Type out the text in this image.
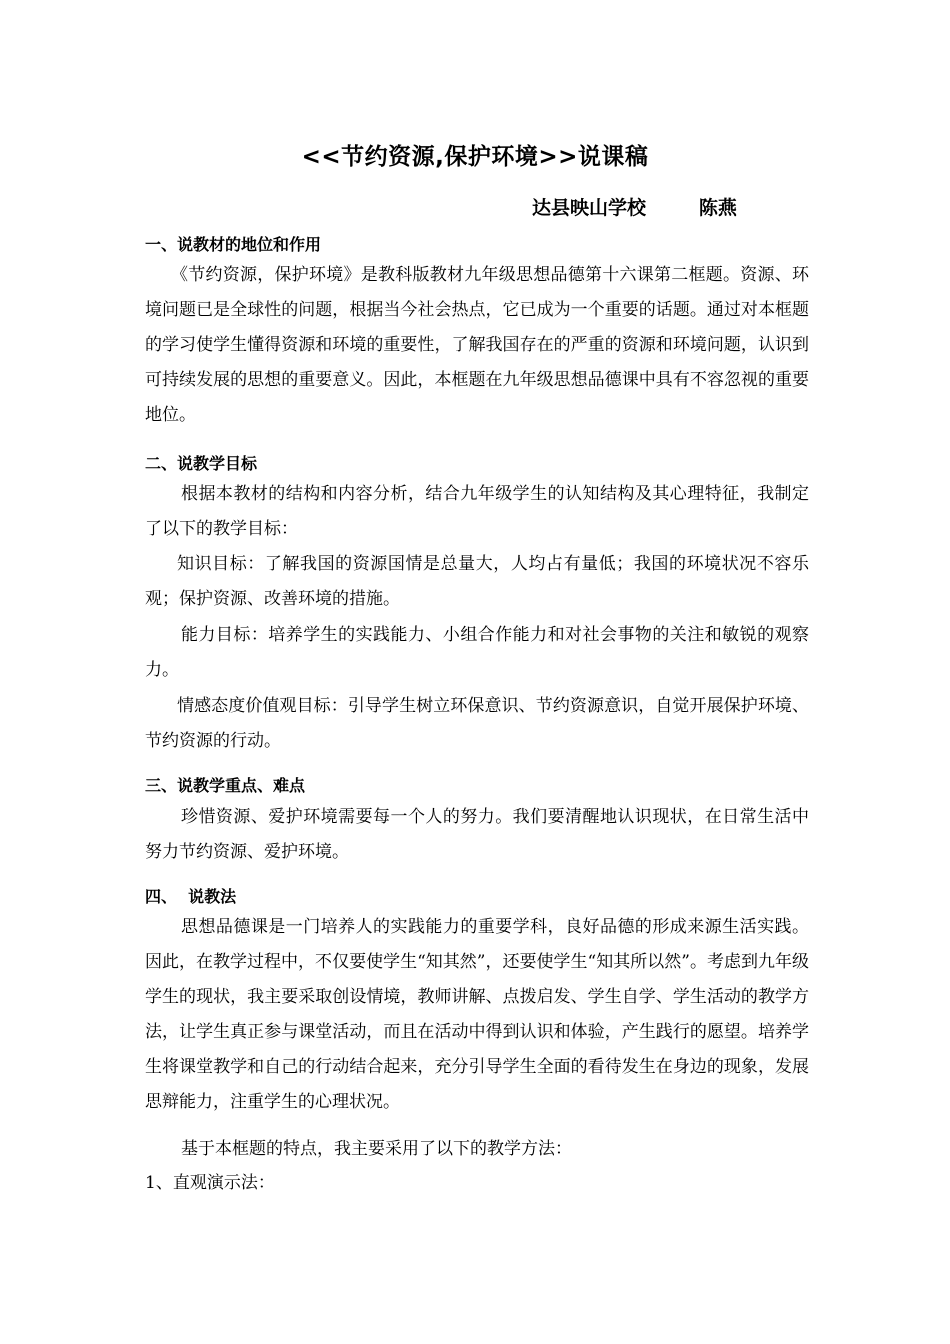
<<节约资源,保护环境>>说课稿
达县映山学校        陈燕
一、说教材的地位和作用
《节约资源，保护环境》是教科版教材九年级思想品德第十六课第二框题。资源、环境问题已是全球性的问题，根据当今社会热点，它已成为一个重要的话题。通过对本框题的学习使学生懂得资源和环境的重要性，了解我国存在的严重的资源和环境问题，认识到可持续发展的思想的重要意义。因此，本框题在九年级思想品德课中具有不容忽视的重要地位。
二、说教学目标
根据本教材的结构和内容分析，结合九年级学生的认知结构及其心理特征，我制定了以下的教学目标：
知识目标：了解我国的资源国情是总量大，人均占有量低；我国的环境状况不容乐观；保护资源、改善环境的措施。
能力目标：培养学生的实践能力、小组合作能力和对社会事物的关注和敏锐的观察力。
情感态度价值观目标：引导学生树立环保意识、节约资源意识，自觉开展保护环境、节约资源的行动。
三、说教学重点、难点
珍惜资源、爱护环境需要每一个人的努力。我们要清醒地认识现状，在日常生活中努力节约资源、爱护环境。
四、  说教法
思想品德课是一门培养人的实践能力的重要学科，良好品德的形成来源生活实践。因此，在教学过程中，不仅要使学生“知其然”，还要使学生“知其所以然”。考虑到九年级学生的现状，我主要采取创设情境，教师讲解、点拨启发、学生自学、学生活动的教学方法，让学生真正参与课堂活动，而且在活动中得到认识和体验，产生践行的愿望。培养学生将课堂教学和自己的行动结合起来，充分引导学生全面的看待发生在身边的现象，发展思辩能力，注重学生的心理状况。
基于本框题的特点，我主要采用了以下的教学方法：
1、直观演示法：
